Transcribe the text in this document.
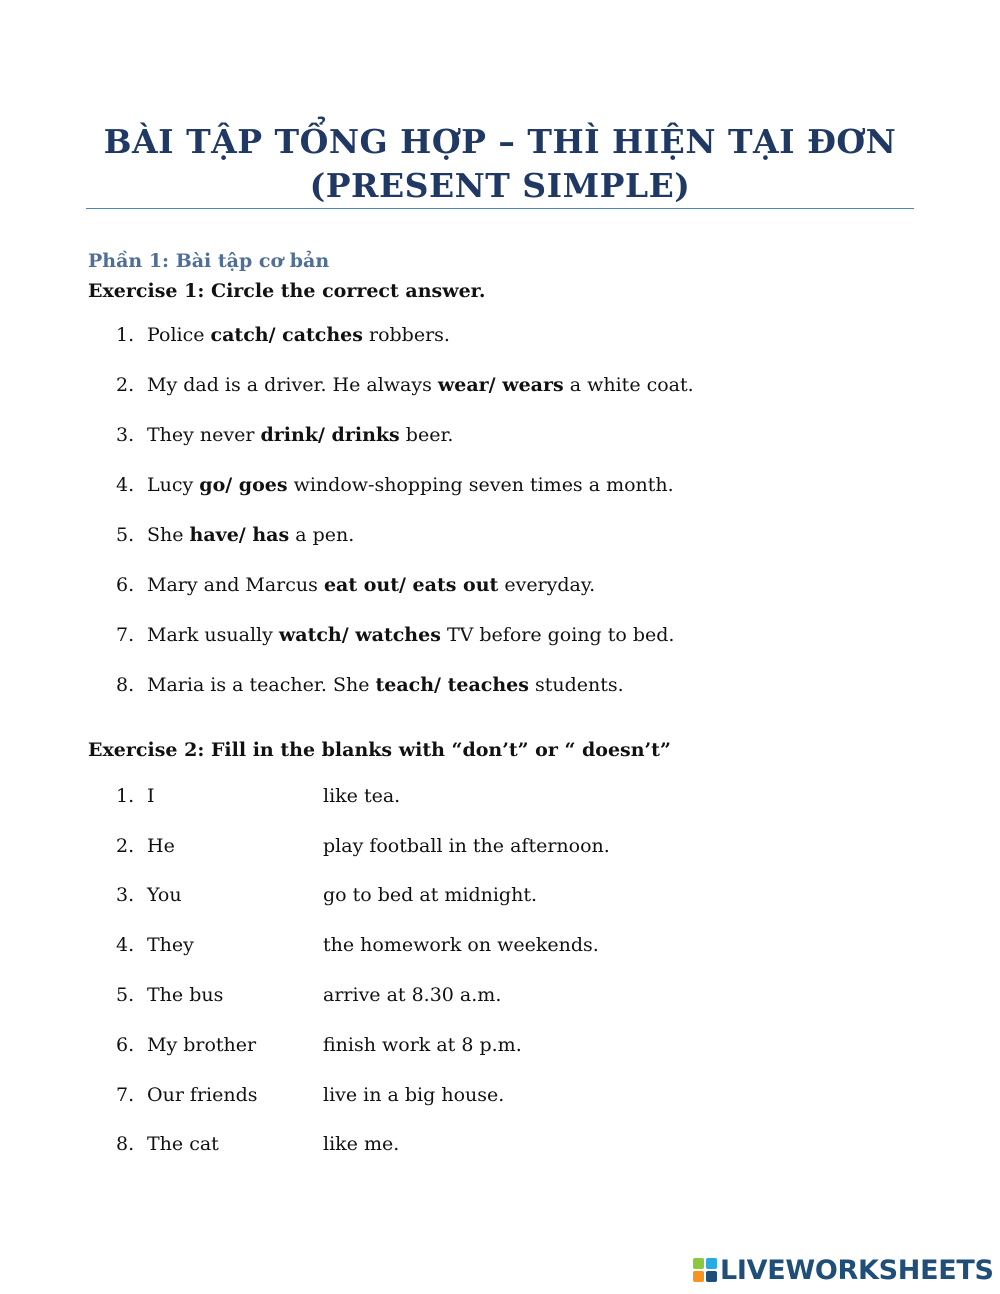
BÀI TẬP TỔNG HỢP – THÌ HIỆN TẠI ĐƠN
(PRESENT SIMPLE)
Phần 1: Bài tập cơ bản
Exercise 1: Circle the correct answer.
1. Police catch/ catches robbers.
2. My dad is a driver. He always wear/ wears a white coat.
3. They never drink/ drinks beer.
4. Lucy go/ goes window-shopping seven times a month.
5. She have/ has a pen.
6. Mary and Marcus eat out/ eats out everyday.
7. Mark usually watch/ watches TV before going to bed.
8. Maria is a teacher. She teach/ teaches students.
Exercise 2: Fill in the blanks with “don’t” or “ doesn’t”
1. I	like tea.
2. He	play football in the afternoon.
3. You	go to bed at midnight.
4. They	the homework on weekends.
5. The bus	arrive at 8.30 a.m.
6. My brother	finish work at 8 p.m.
7. Our friends	live in a big house.
8. The cat	like me.
LIVEWORKSHEETS
